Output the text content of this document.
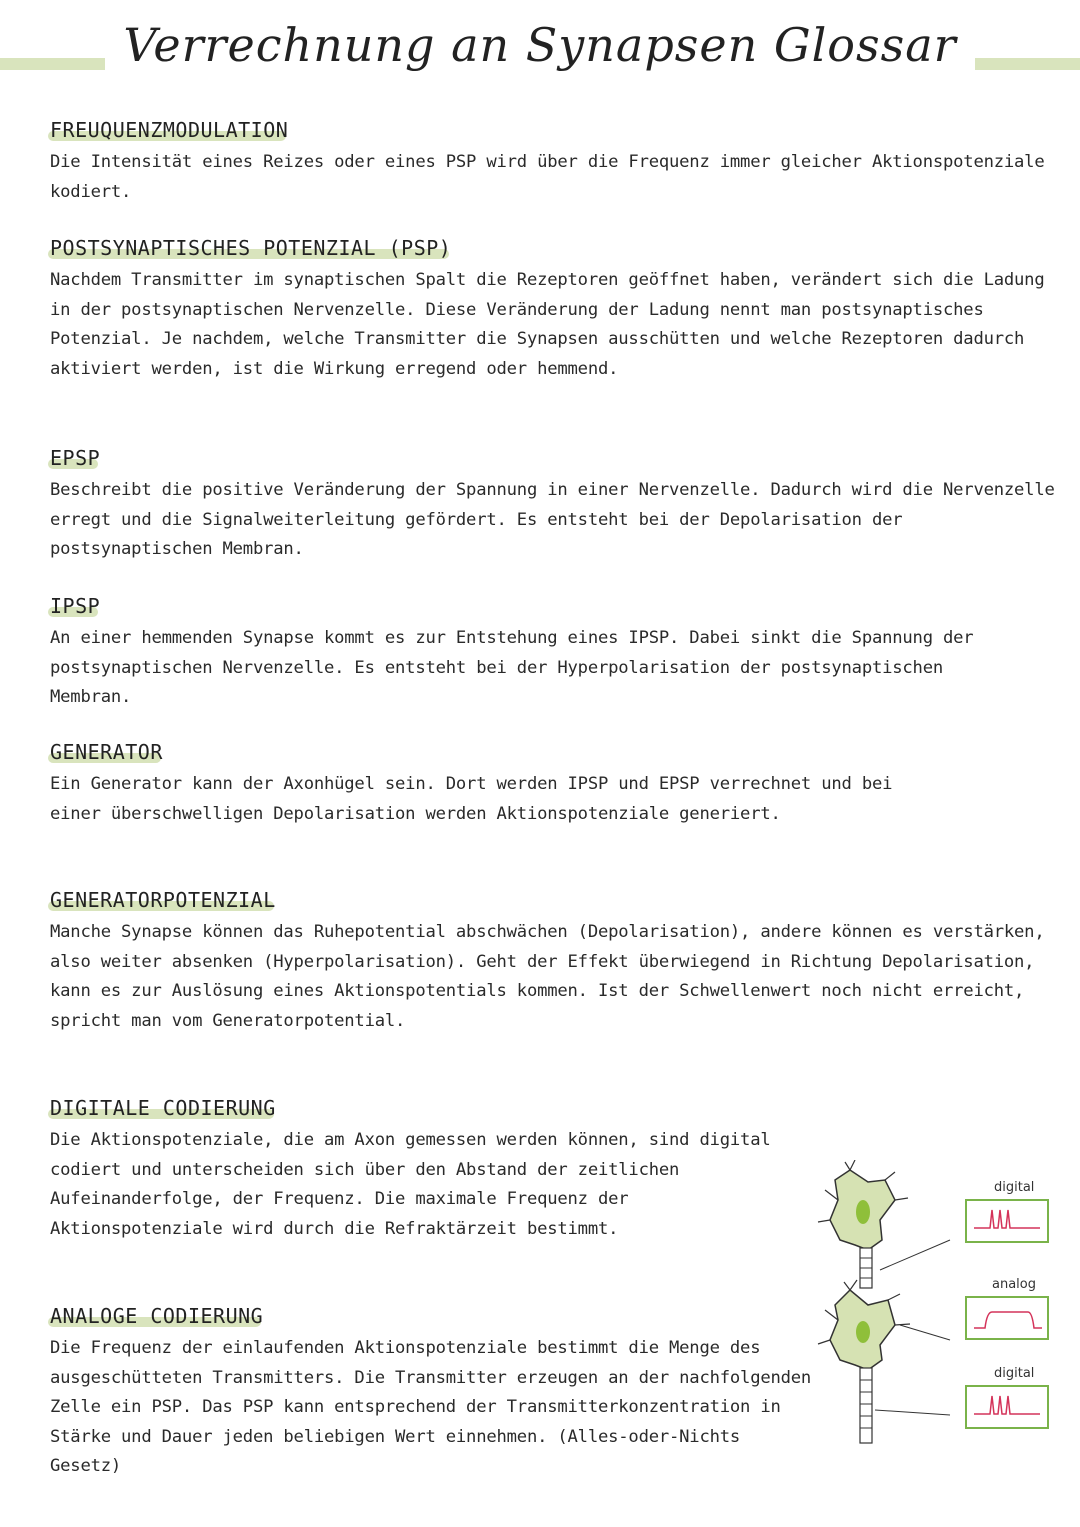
Verrechnung an Synapsen Glossar
FREUQUENZMODULATION

Die Intensität eines Reizes oder eines PSP wird über die Frequenz immer gleicher Aktionspotenziale kodiert.

POSTSYNAPTISCHES POTENZIAL (PSP)

Nachdem Transmitter im synaptischen Spalt die Rezeptoren geöffnet haben, verändert sich die Ladung in der postsynaptischen Nervenzelle. Diese Veränderung der Ladung nennt man postsynaptisches Potenzial. Je nachdem, welche Transmitter die Synapsen ausschütten und welche Rezeptoren dadurch aktiviert werden, ist die Wirkung erregend oder hemmend.

EPSP

Beschreibt die positive Veränderung der Spannung in einer Nervenzelle. Dadurch wird die Nervenzelle erregt und die Signalweiterleitung gefördert. Es entsteht bei der Depolarisation der postsynaptischen Membran.

IPSP

An einer hemmenden Synapse kommt es zur Entstehung eines IPSP. Dabei sinkt die Spannung der postsynaptischen Nervenzelle. Es entsteht bei der Hyperpolarisation der postsynaptischen Membran.

GENERATOR

Ein Generator kann der Axonhügel sein. Dort werden IPSP und EPSP verrechnet und bei einer überschwelligen Depolarisation werden Aktionspotenziale generiert.

GENERATORPOTENZIAL

Manche Synapse können das Ruhepotential abschwächen (Depolarisation), andere können es verstärken, also weiter absenken (Hyperpolarisation). Geht der Effekt überwiegend in Richtung Depolarisation, kann es zur Auslösung eines Aktionspotentials kommen. Ist der Schwellenwert noch nicht erreicht, spricht man vom Generatorpotential.

DIGITALE CODIERUNG

Die Aktionspotenziale, die am Axon gemessen werden können, sind digital codiert und unterscheiden sich über den Abstand der zeitlichen Aufeinanderfolge, der Frequenz. Die maximale Frequenz der Aktionspotenziale wird durch die Refraktärzeit bestimmt.

ANALOGE CODIERUNG

Die Frequenz der einlaufenden Aktionspotenziale bestimmt die Menge des ausgeschütteten Transmitters. Die Transmitter erzeugen an der nachfolgenden Zelle ein PSP. Das PSP kann entsprechend der Transmitterkonzentration in Stärke und Dauer jeden beliebigen Wert einnehmen. (Alles-oder-Nichts Gesetz)

digital
analog
digital
